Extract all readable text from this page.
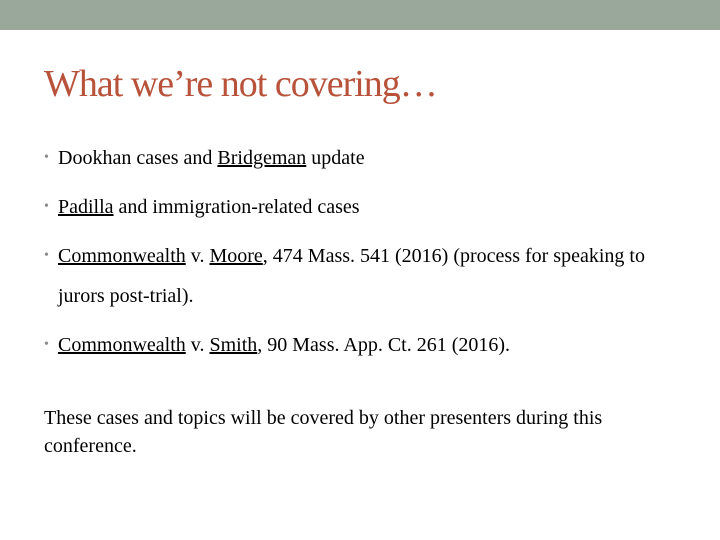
What we’re not covering…
• Dookhan cases and Bridgeman update
• Padilla and immigration-related cases
• Commonwealth v. Moore, 474 Mass. 541 (2016) (process for speaking to jurors post-trial).
• Commonwealth v. Smith, 90 Mass. App. Ct. 261 (2016).

These cases and topics will be covered by other presenters during this conference.
